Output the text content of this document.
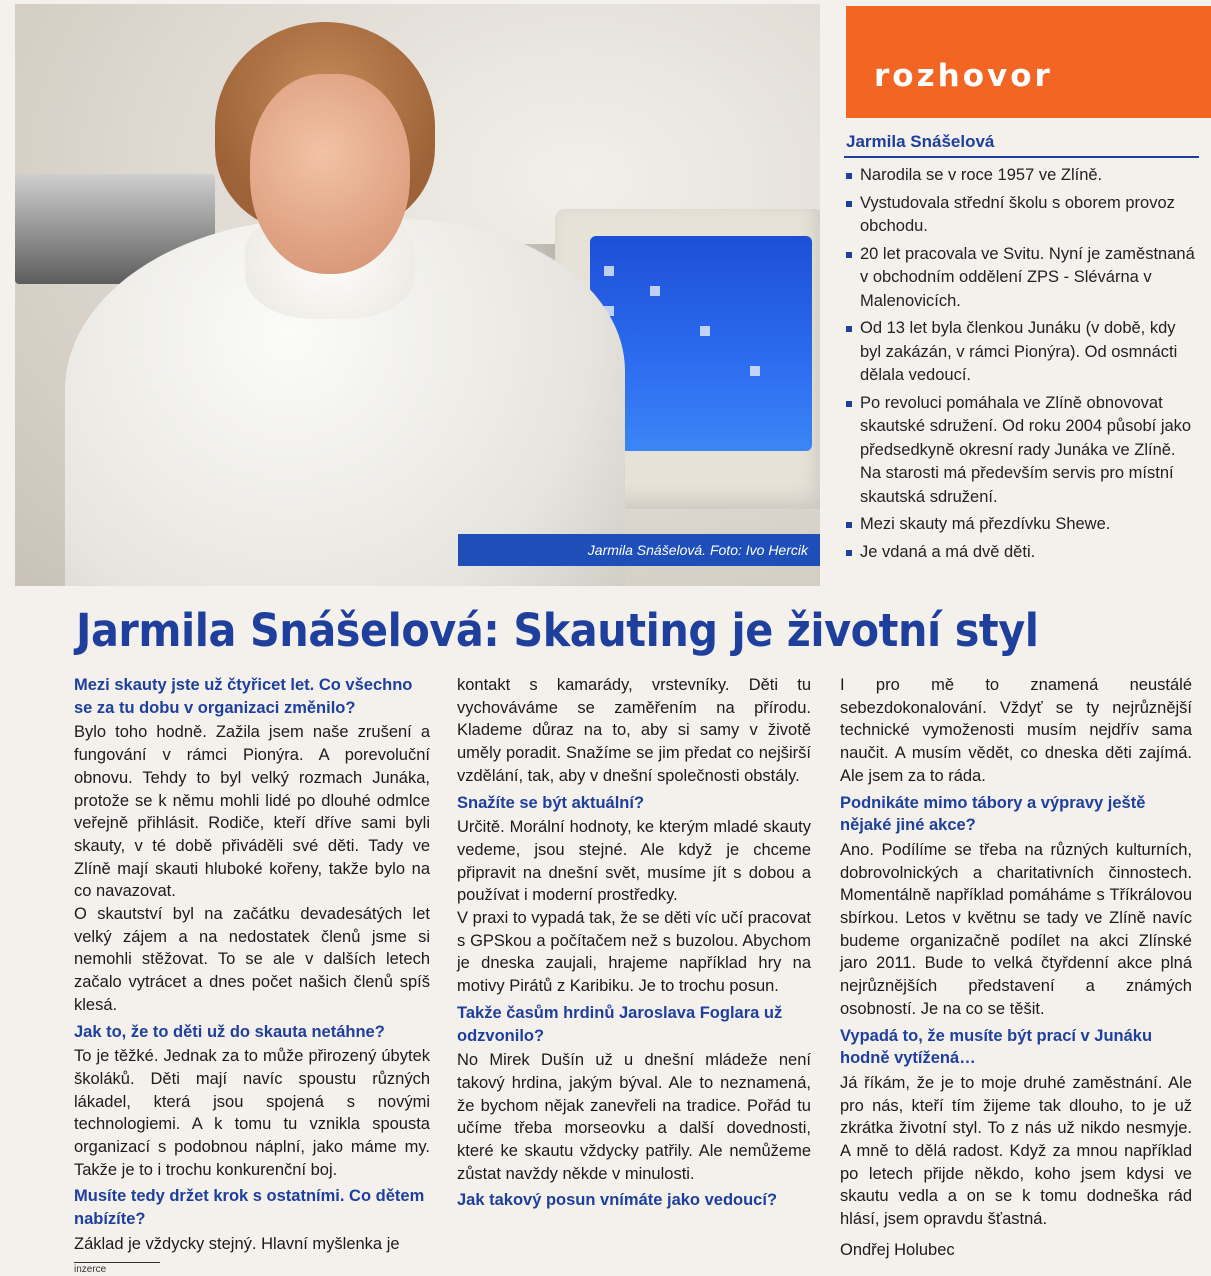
Jarmila Snášelová. Foto: Ivo Hercik
rozhovor
Jarmila Snášelová
Narodila se v roce 1957 ve Zlíně.
Vystudovala střední školu s oborem provoz obchodu.
20 let pracovala ve Svitu. Nyní je zaměstnaná v obchodním oddělení ZPS - Slévárna v Malenovicích.
Od 13 let byla členkou Junáku (v době, kdy byl zakázán, v rámci Pionýra). Od osmnácti dělala vedoucí.
Po revoluci pomáhala ve Zlíně obnovovat skautské sdružení. Od roku 2004 působí jako předsedkyně okresní rady Junáka ve Zlíně. Na starosti má především servis pro místní skautská sdružení.
Mezi skauty má přezdívku Shewe.
Je vdaná a má dvě děti.
Jarmila Snášelová: Skauting je životní styl
Mezi skauty jste už čtyřicet let. Co všechno se za tu dobu v organizaci změnilo?

Bylo toho hodně. Zažila jsem naše zrušení a fungování v rámci Pionýra. A porevoluční obnovu. Tehdy to byl velký rozmach Junáka, protože se k němu mohli lidé po dlouhé odmlce veřejně přihlásit. Rodiče, kteří dříve sami byli skauty, v té době přiváděli své děti. Tady ve Zlíně mají skauti hluboké kořeny, takže bylo na co navazovat.

O skautství byl na začátku devadesátých let velký zájem a na nedostatek členů jsme si nemohli stěžovat. To se ale v dalších letech začalo vytrácet a dnes počet našich členů spíš klesá.

Jak to, že to děti už do skauta netáhne?

To je těžké. Jednak za to může přirozený úbytek školáků. Děti mají navíc spoustu různých lákadel, která jsou spojená s novými technologiemi. A k tomu tu vznikla spousta organizací s podobnou náplní, jako máme my. Takže je to i trochu konkurenční boj.

Musíte tedy držet krok s ostatními. Co dětem nabízíte?

Základ je vždycky stejný. Hlavní myšlenka je

kontakt s kamarády, vrstevníky. Děti tu vychováváme se zaměřením na přírodu. Klademe důraz na to, aby si samy v životě uměly poradit. Snažíme se jim předat co nejširší vzdělání, tak, aby v dnešní společnosti obstály.

Snažíte se být aktuální?

Určitě. Morální hodnoty, ke kterým mladé skauty vedeme, jsou stejné. Ale když je chceme připravit na dnešní svět, musíme jít s dobou a používat i moderní prostředky.

V praxi to vypadá tak, že se děti víc učí pracovat s GPSkou a počítačem než s buzolou. Abychom je dneska zaujali, hrajeme například hry na motivy Pirátů z Karibiku. Je to trochu posun.

Takže časům hrdinů Jaroslava Foglara už odzvonilo?

No Mirek Dušín už u dnešní mládeže není takový hrdina, jakým býval. Ale to neznamená, že bychom nějak zanevřeli na tradice. Pořád tu učíme třeba morseovku a další dovednosti, které ke skautu vždycky patřily. Ale nemůžeme zůstat navždy někde v minulosti.

Jak takový posun vnímáte jako vedoucí?

I pro mě to znamená neustálé sebezdokonalování. Vždyť se ty nejrůznější technické vymoženosti musím nejdřív sama naučit. A musím vědět, co dneska děti zajímá. Ale jsem za to ráda.

Podnikáte mimo tábory a výpravy ještě nějaké jiné akce?

Ano. Podílíme se třeba na různých kulturních, dobrovolnických a charitativních činnostech. Momentálně například pomáháme s Tříkrálovou sbírkou. Letos v květnu se tady ve Zlíně navíc budeme organizačně podílet na akci Zlínské jaro 2011. Bude to velká čtyřdenní akce plná nejrůznějších představení a známých osobností. Je na co se těšit.

Vypadá to, že musíte být prací v Junáku hodně vytížená…

Já říkám, že je to moje druhé zaměstnání. Ale pro nás, kteří tím žijeme tak dlouho, to je už zkrátka životní styl. To z nás už nikdo nesmyje. A mně to dělá radost. Když za mnou například po letech přijde někdo, koho jsem kdysi ve skautu vedla a on se k tomu dodneška rád hlásí, jsem opravdu šťastná.

Ondřej Holubec

inzerce
